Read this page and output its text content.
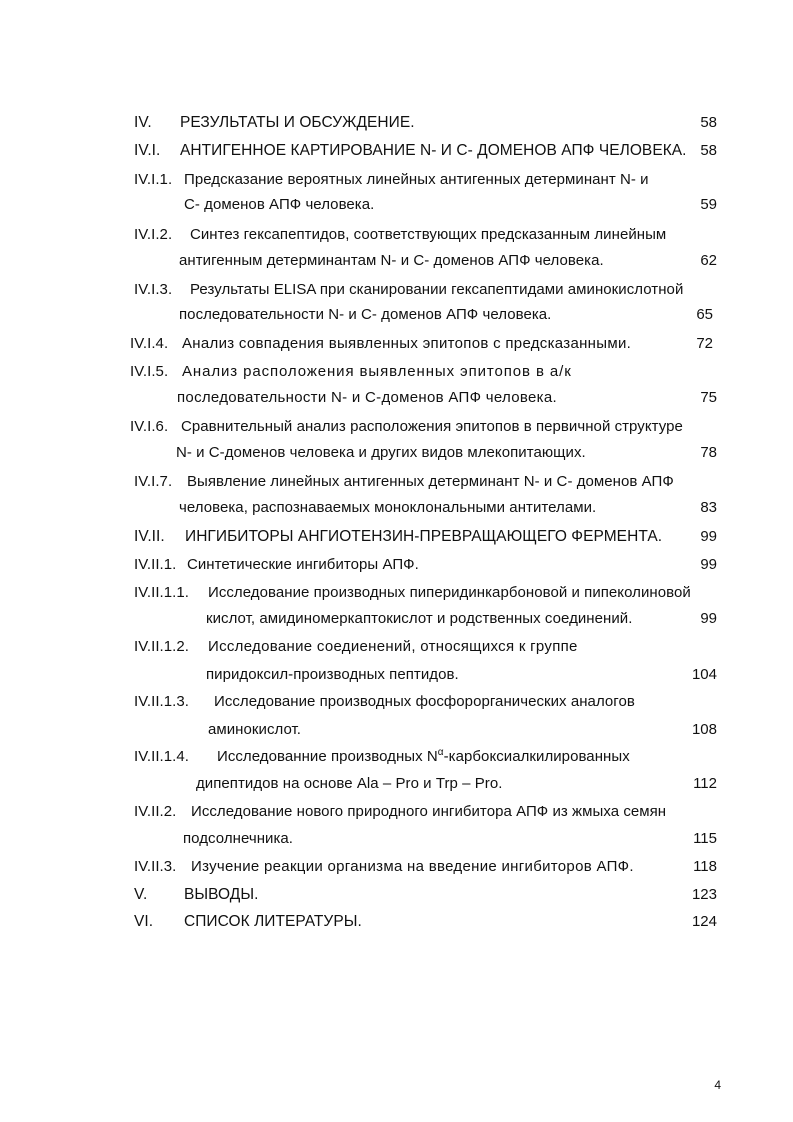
IV. РЕЗУЛЬТАТЫ И ОБСУЖДЕНИЕ.	58
IV.I. АНТИГЕННОЕ КАРТИРОВАНИЕ N- И С- ДОМЕНОВ АПФ ЧЕЛОВЕКА. 58
IV.I.1. Предсказание вероятных линейных антигенных детерминант N- и
С- доменов АПФ человека.	59
IV.I.2. Синтез гексапептидов, соответствующих предсказанным линейным
антигенным детерминантам N- и С- доменов АПФ человека.	62
IV.I.3. Результаты ELISA при сканировании гексапептидами аминокислотной
последовательности N- и С- доменов АПФ человека.	65
IV.I.4. Анализ совпадения выявленных эпитопов с предсказанными.	72
IV.I.5. Анализ расположения выявленных эпитопов в а/к
последовательности N- и С-доменов АПФ человека.	75
IV.I.6. Сравнительный анализ расположения эпитопов в первичной структуре
N- и С-доменов человека и других видов млекопитающих.	78
IV.I.7. Выявление линейных антигенных детерминант N- и С- доменов АПФ
человека, распознаваемых моноклональными антителами.	83
IV.II. ИНГИБИТОРЫ АНГИОТЕНЗИН-ПРЕВРАЩАЮЩЕГО ФЕРМЕНТА.	99
IV.II.1. Синтетические ингибиторы АПФ.	99
IV.II.1.1. Исследование производных пиперидинкарбоновой и пипеколиновой
кислот, амидиномеркаптокислот и родственных соединений.	99
IV.II.1.2. Исследование соедиенений, относящихся к группе
пиридоксил-производных пептидов.	104
IV.II.1.3. Исследование производных фосфорорганических аналогов
аминокислот.	108
IV.II.1.4. Исследованние производных $N^\alpha$-карбоксиалкилированных
дипептидов на основе Ala – Pro и Trp – Pro.	112
IV.II.2. Исследование нового природного ингибитора АПФ из жмыха семян
подсолнечника.	115
IV.II.3. Изучение реакции организма на введение ингибиторов АПФ.	118
V. ВЫВОДЫ.	123
VI. СПИСОК ЛИТЕРАТУРЫ.	124
4
